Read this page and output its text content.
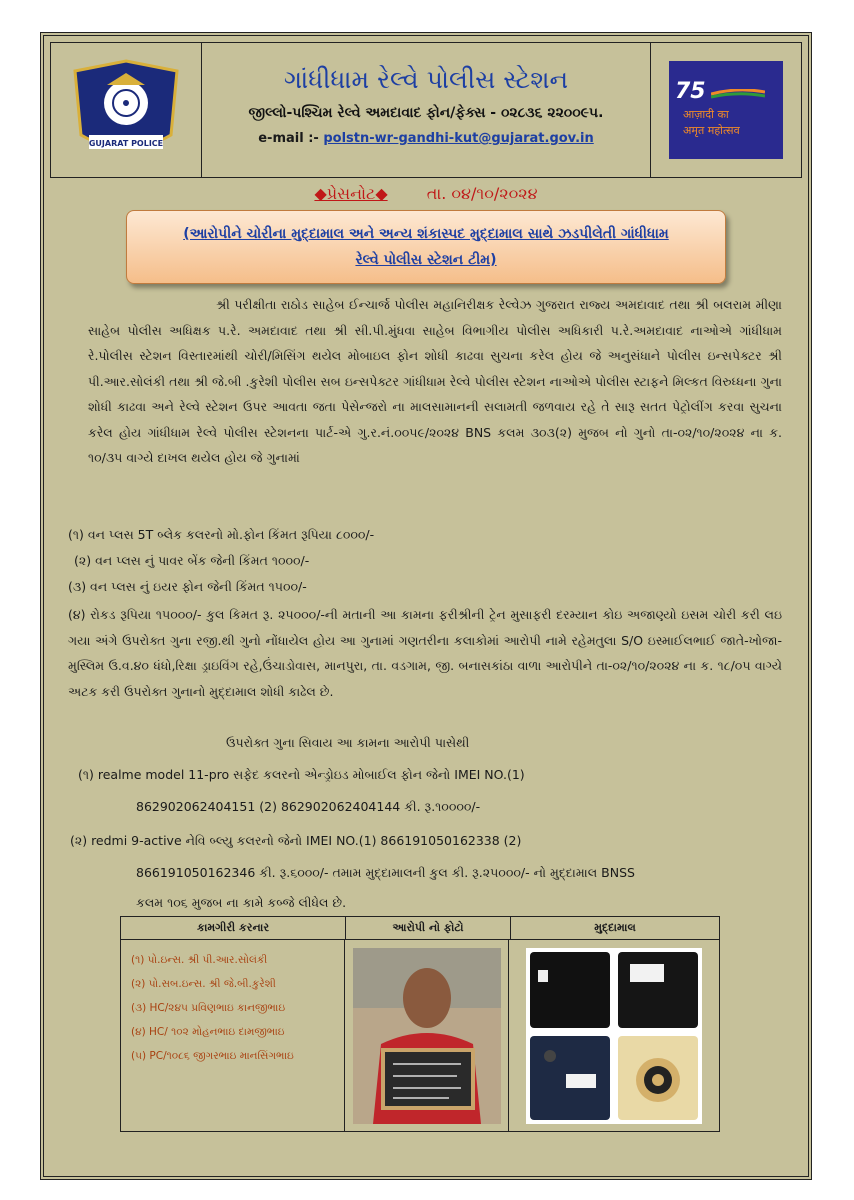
GUJARAT POLICE
ગાંધીધામ રેલ્વે પોલીસ સ્ટેશન
જીલ્લો-પશ્ચિમ રેલ્વે અમદાવાદ ફોન/ફેક્સ - ૦૨૮૩૬ ૨૨૦૦૯૫.
e-mail :- polstn-wr-gandhi-kut@gujarat.gov.in
75
आज़ादी का
अमृत महोत्सव
◆પ્રેસનોટ◆ તા. ૦૪/૧૦/૨૦૨૪
(આરોપીને ચોરીના મુદ્દામાલ અને અન્ય શંકાસ્પદ મુદ્દામાલ સાથે ઝડપીલેતી ગાંધીધામ
રેલ્વે પોલીસ સ્ટેશન ટીમ)
શ્રી પરીક્ષીતા રાઠોડ સાહેબ ઈન્ચાર્જ પોલીસ મહાનિરીક્ષક રેલ્વેઝ ગુજરાત રાજ્ય અમદાવાદ તથા શ્રી બલરામ મીણા સાહેબ પોલીસ અધિક્ષક પ.રે. અમદાવાદ તથા શ્રી સી.પી.મુંધવા સાહેબ વિભાગીય પોલીસ અધિકારી પ.રે.અમદાવાદ નાઓએ ગાંધીધામ રે.પોલીસ સ્ટેશન વિસ્તારમાંથી ચોરી/મિસિંગ થયેલ મોબાઇલ ફોન શોધી કાઢવા સુચના કરેલ હોય જે અનુસંધાને પોલીસ ઇન્સપેક્ટર શ્રી પી.આર.સોલંકી તથા શ્રી જે.બી .કુરેશી પોલીસ સબ ઇન્સપેક્ટર ગાંધીધામ રેલ્વે પોલીસ સ્ટેશન નાઓએ પોલીસ સ્ટાફને મિલ્કત વિરુધ્ધના ગુના શોધી કાઢવા અને રેલ્વે સ્ટેશન ઉપર આવતા જતા પેસેન્જરો ના માલસામાનની સલામતી જળવાય રહે તે સારૂ સતત પેટ્રોલીંગ કરવા સુચના કરેલ હોય ગાંધીધામ રેલ્વે પોલીસ સ્ટેશનના પાર્ટ-એ ગુ.ર.નં.૦૦૫૯/૨૦૨૪ BNS કલમ ૩૦૩(૨) મુજબ નો ગુનો તા-૦૨/૧૦/૨૦૨૪ ના ક. ૧૦/૩૫ વાગ્યે દાખલ થયેલ હોય જે ગુનામાં
(૧) વન પ્લસ 5T બ્લેક કલરનો મો.ફોન કિંમત રૂપિયા ૮૦૦૦/-
(૨) વન પ્લસ નું પાવર બેંક જેની કિંમત ૧૦૦૦/-
(૩) વન પ્લસ નું ઇયર ફોન જેની કિંમત ૧૫૦૦/-
(૪) રોકડ રૂપિયા ૧૫૦૦૦/- કુલ કિમત રૂ. ૨૫૦૦૦/-ની મતાની આ કામના ફરીશ્રીની ટ્રેન મુસાફરી દરમ્યાન કોઇ અજાણ્યો ઇસમ ચોરી કરી લઇ ગયા અંગે ઉપરોક્ત ગુના રજી.થી ગુનો નોંધાયેલ હોય આ ગુનામાં ગણતરીના કલાકોમાં આરોપી નામે રહેમતુલા S/O ઇસ્માઈલભાઈ જાતે-ખોજા-મુસ્લિમ ઉ.વ.૪૦ ધંધો,રિક્ષા ડ્રાઇવિંગ રહે,ઉંચાડોવાસ, માનપુરા, તા. વડગામ, જી. બનાસકાંઠા વાળા આરોપીને તા-૦૨/૧૦/૨૦૨૪ ના ક. ૧૮/૦૫ વાગ્યે અટક કરી ઉપરોક્ત ગુનાનો મુદ્દામાલ શોધી કાઢેલ છે.
ઉપરોક્ત ગુના સિવાય આ કામના આરોપી પાસેથી
(૧) realme model 11-pro સફેદ કલરનો એન્ડ્રોઇડ મોબાઈલ ફોન જેનો IMEI NO.(1)
862902062404151 (2) 862902062404144 કી. રૂ.૧૦૦૦૦/-
(૨) redmi 9-active નેવિ બ્લ્યુ કલરનો જેનો IMEI NO.(1) 866191050162338 (2)
866191050162346 કી. રૂ.૬૦૦૦/- તમામ મુદ્દામાલની કુલ કી. રૂ.૨૫૦૦૦/- નો મુદ્દામાલ BNSS
કલમ ૧૦૬ મુજબ ના કામે કબ્જે લીધેલ છે.
કામગીરી કરનાર	આરોપી નો ફોટો	મુદ્દામાલ
(૧) પો.ઇન્સ. શ્રી પી.આર.સોલંકી
(૨) પો.સબ.ઇન્સ. શ્રી જે.બી.કુરેશી
(૩) HC/૨૪૫ પ્રવિણભાઇ કાનજીભાઇ
(૪) HC/ ૧૦૨ મોહનભાઇ દામજીભાઇ
(૫) PC/૧૦૮૬ જીગરભાઇ માનસિંગભાઇ
